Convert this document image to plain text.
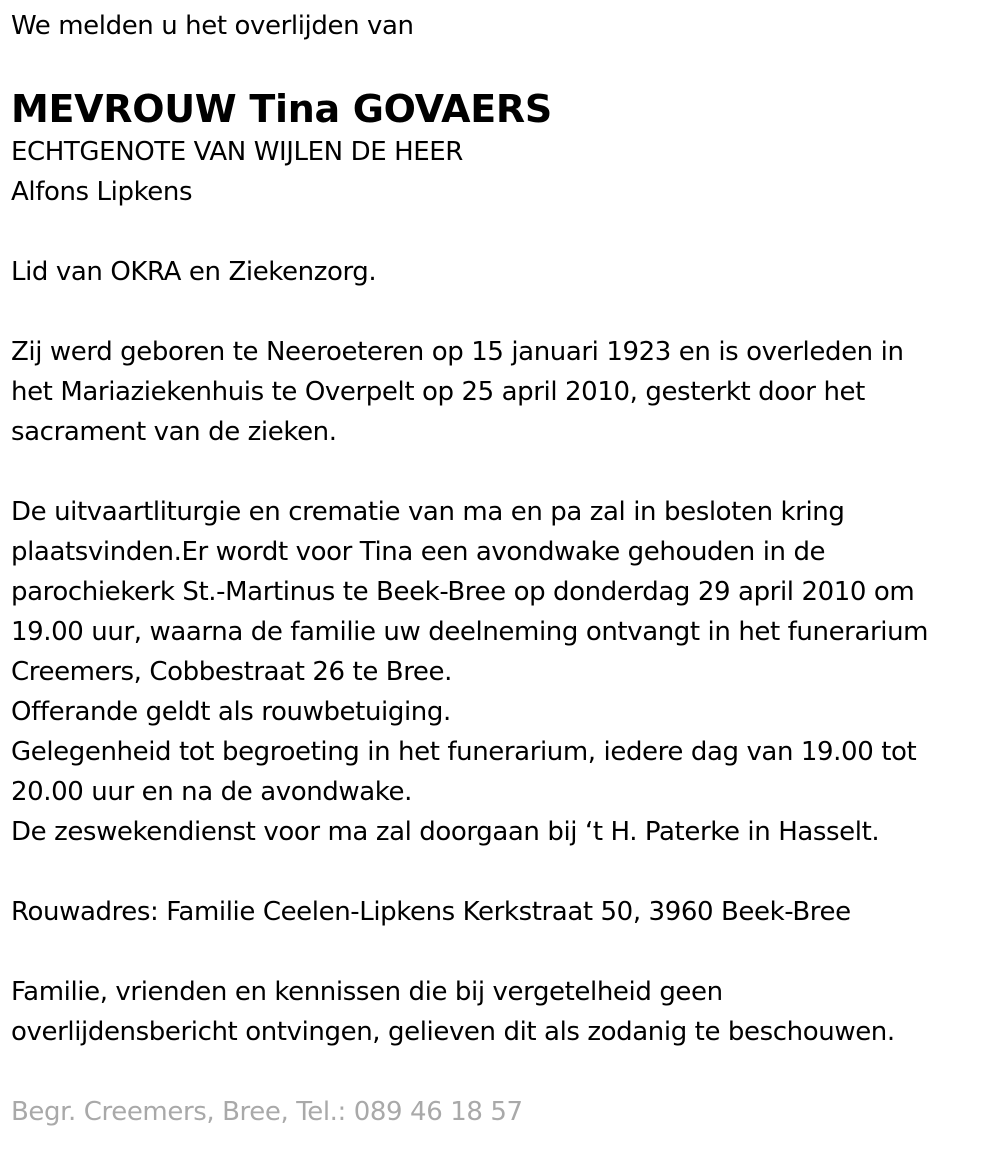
We melden u het overlijden van
MEVROUW Tina GOVAERS
ECHTGENOTE VAN WIJLEN DE HEER
Alfons Lipkens
Lid van OKRA en Ziekenzorg.
Zij werd geboren te Neeroeteren op 15 januari 1923 en is overleden in
het Mariaziekenhuis te Overpelt op 25 april 2010, gesterkt door het
sacrament van de zieken.
De uitvaartliturgie en crematie van ma en pa zal in besloten kring
plaatsvinden.Er wordt voor Tina een avondwake gehouden in de
parochiekerk St.-Martinus te Beek-Bree op donderdag 29 april 2010 om
19.00 uur, waarna de familie uw deelneming ontvangt in het funerarium
Creemers, Cobbestraat 26 te Bree.
Offerande geldt als rouwbetuiging.
Gelegenheid tot begroeting in het funerarium, iedere dag van 19.00 tot
20.00 uur en na de avondwake.
De zeswekendienst voor ma zal doorgaan bij ‘t H. Paterke in Hasselt.
Rouwadres: Familie Ceelen-Lipkens Kerkstraat 50, 3960 Beek-Bree
Familie, vrienden en kennissen die bij vergetelheid geen
overlijdensbericht ontvingen, gelieven dit als zodanig te beschouwen.
Begr. Creemers, Bree, Tel.: 089 46 18 57
